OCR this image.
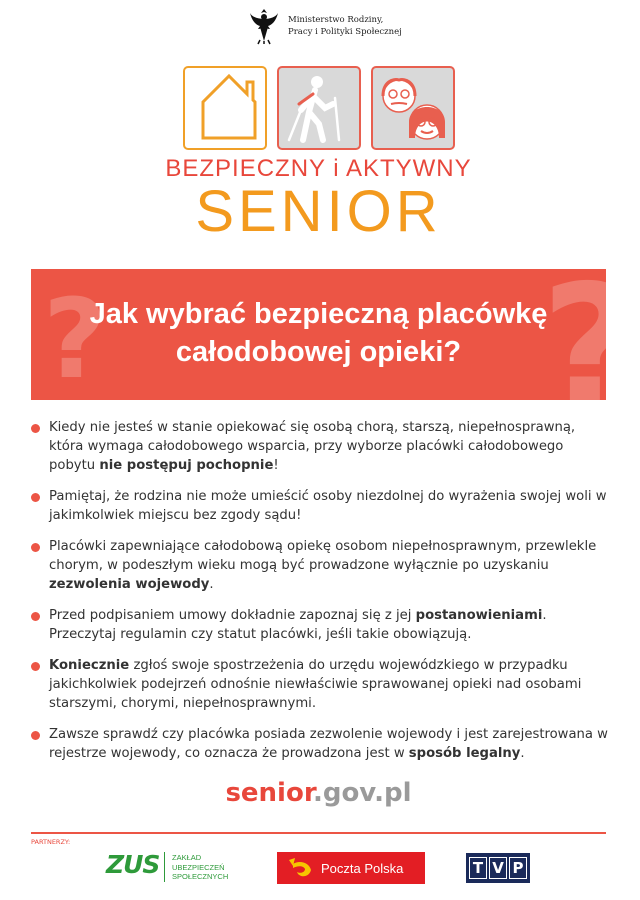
Ministerstwo Rodziny,
Pracy i Polityki Społecznej
BEZPIECZNY i AKTYWNY
SENIOR
?	?
Jak wybrać bezpieczną placówkę
całodobowej opieki?
Kiedy nie jesteś w stanie opiekować się osobą chorą, starszą, niepełnosprawną, która wymaga całodobowego wsparcia, przy wyborze placówki całodobowego pobytu nie postępuj pochopnie!
Pamiętaj, że rodzina nie może umieścić osoby niezdolnej do wyrażenia swojej woli w jakimkolwiek miejscu bez zgody sądu!
Placówki zapewniające całodobową opiekę osobom niepełnosprawnym, przewlekle chorym, w podeszłym wieku mogą być prowadzone wyłącznie po uzyskaniu zezwolenia wojewody.
Przed podpisaniem umowy dokładnie zapoznaj się z jej postanowieniami. Przeczytaj regulamin czy statut placówki, jeśli takie obowiązują.
Koniecznie zgłoś swoje spostrzeżenia do urzędu wojewódzkiego w przypadku jakichkolwiek podejrzeń odnośnie niewłaściwie sprawowanej opieki nad osobami starszymi, chorymi, niepełnosprawnymi.
Zawsze sprawdź czy placówka posiada zezwolenie wojewody i jest zarejestrowana w rejestrze wojewody, co oznacza że prowadzona jest w sposób legalny.
senior.gov.pl
PARTNERZY:
ZUS ZAKŁAD
UBEZPIECZEŃ
SPOŁECZNYCH
Poczta Polska	T V P
